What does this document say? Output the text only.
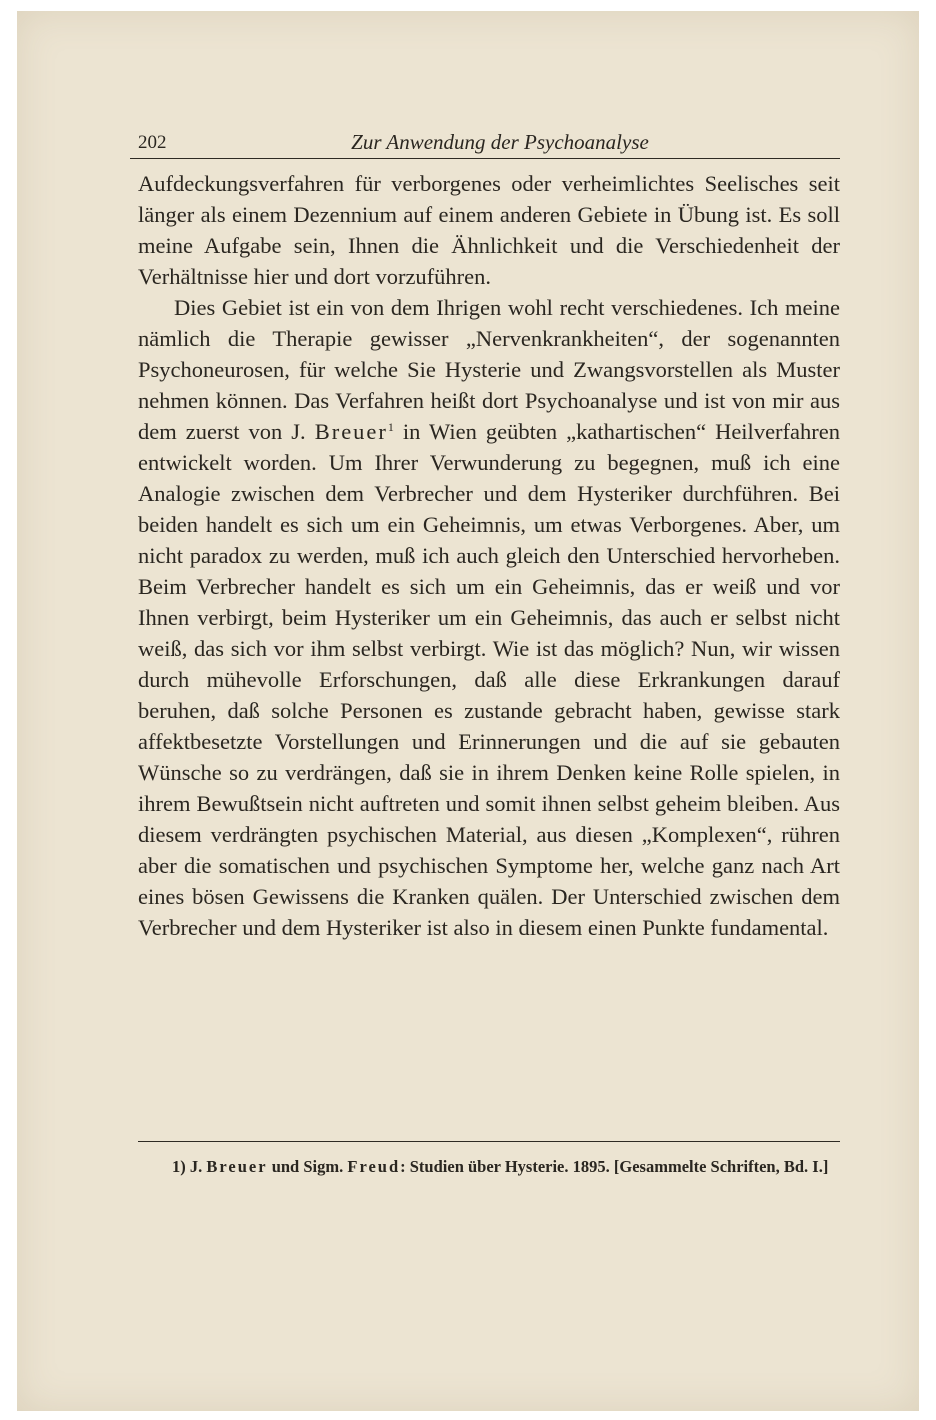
202	Zur Anwendung der Psychoanalyse

Aufdeckungsverfahren für verborgenes oder verheimlichtes Seelisches seit länger als einem Dezennium auf einem anderen Gebiete in Übung ist. Es soll meine Aufgabe sein, Ihnen die Ähnlichkeit und die Verschiedenheit der Verhältnisse hier und dort vorzuführen.

Dies Gebiet ist ein von dem Ihrigen wohl recht verschiedenes. Ich meine nämlich die Therapie gewisser „Nervenkrankheiten“, der sogenannten Psychoneurosen, für welche Sie Hysterie und Zwangsvorstellen als Muster nehmen können. Das Verfahren heißt dort Psychoanalyse und ist von mir aus dem zuerst von J. Breuer$^1$ in Wien geübten „kathartischen“ Heilverfahren entwickelt worden. Um Ihrer Verwunderung zu begegnen, muß ich eine Analogie zwischen dem Verbrecher und dem Hysteriker durchführen. Bei beiden handelt es sich um ein Geheimnis, um etwas Verborgenes. Aber, um nicht paradox zu werden, muß ich auch gleich den Unterschied hervorheben. Beim Verbrecher handelt es sich um ein Geheimnis, das er weiß und vor Ihnen verbirgt, beim Hysteriker um ein Geheimnis, das auch er selbst nicht weiß, das sich vor ihm selbst verbirgt. Wie ist das möglich? Nun, wir wissen durch mühevolle Erforschungen, daß alle diese Erkrankungen darauf beruhen, daß solche Personen es zustande gebracht haben, gewisse stark affektbesetzte Vorstellungen und Erinnerungen und die auf sie gebauten Wünsche so zu verdrängen, daß sie in ihrem Denken keine Rolle spielen, in ihrem Bewußtsein nicht auftreten und somit ihnen selbst geheim bleiben. Aus diesem verdrängten psychischen Material, aus diesen „Komplexen“, rühren aber die somatischen und psychischen Symptome her, welche ganz nach Art eines bösen Gewissens die Kranken quälen. Der Unterschied zwischen dem Verbrecher und dem Hysteriker ist also in diesem einen Punkte fundamental.

1) J. Breuer und Sigm. Freud: Studien über Hysterie. 1895. [Gesammelte Schriften, Bd. I.]
